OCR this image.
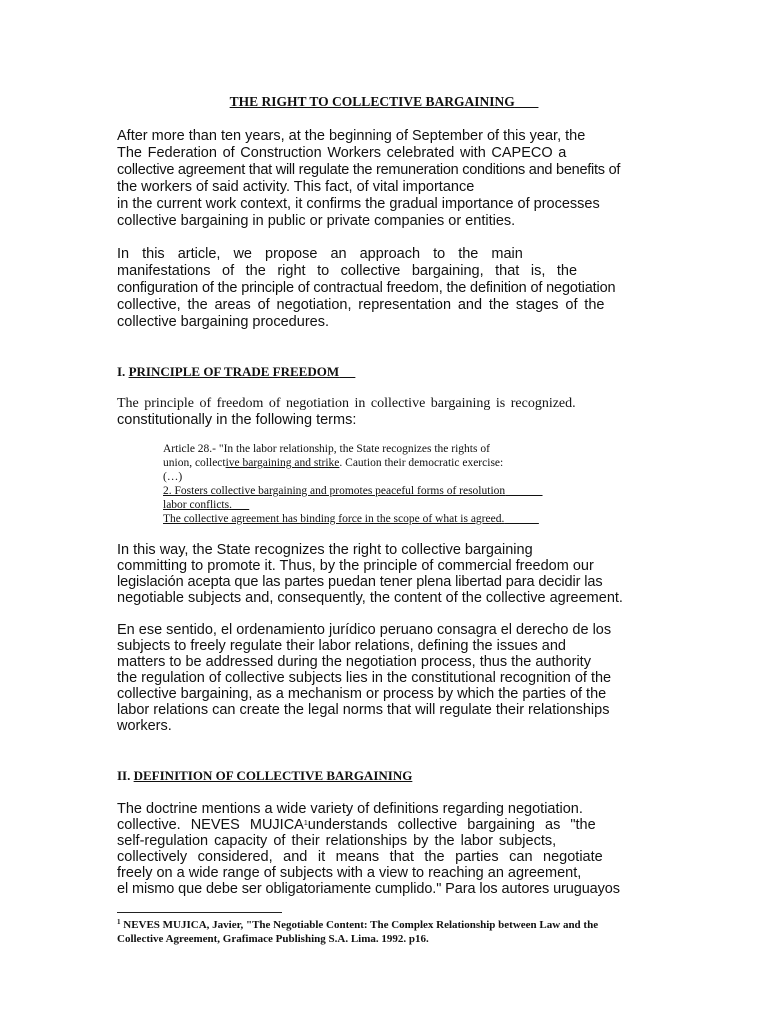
THE RIGHT TO COLLECTIVE BARGAINING
After more than ten years, at the beginning of September of this year, the
The Federation of Construction Workers celebrated with CAPECO a
collective agreement that will regulate the remuneration conditions and benefits of
the workers of said activity. This fact, of vital importance
in the current work context, it confirms the gradual importance of processes
collective bargaining in public or private companies or entities.
In this article, we propose an approach to the main
manifestations of the right to collective bargaining, that is, the
configuration of the principle of contractual freedom, the definition of negotiation
collective, the areas of negotiation, representation and the stages of the
collective bargaining procedures.
I. PRINCIPLE OF TRADE FREEDOM
The principle of freedom of negotiation in collective bargaining is recognized.
constitutionally in the following terms:
Article 28.- "In the labor relationship, the State recognizes the rights of
union, collective bargaining and strike. Caution their democratic exercise:
(…)
2. Fosters collective bargaining and promotes peaceful forms of resolution
labor conflicts.
The collective agreement has binding force in the scope of what is agreed.
In this way, the State recognizes the right to collective bargaining
committing to promote it. Thus, by the principle of commercial freedom our
legislación acepta que las partes puedan tener plena libertad para decidir las
negotiable subjects and, consequently, the content of the collective agreement.
En ese sentido, el ordenamiento jurídico peruano consagra el derecho de los
subjects to freely regulate their labor relations, defining the issues and
matters to be addressed during the negotiation process, thus the authority
the regulation of collective subjects lies in the constitutional recognition of the
collective bargaining, as a mechanism or process by which the parties of the
labor relations can create the legal norms that will regulate their relationships
workers.
II. DEFINITION OF COLLECTIVE BARGAINING
The doctrine mentions a wide variety of definitions regarding negotiation.
collective. NEVES MUJICA$^1$understands collective bargaining as "the
self-regulation capacity of their relationships by the labor subjects,
collectively considered, and it means that the parties can negotiate
freely on a wide range of subjects with a view to reaching an agreement,
el mismo que debe ser obligatoriamente cumplido." Para los autores uruguayos
$^1$ NEVES MUJICA, Javier, "The Negotiable Content: The Complex Relationship between Law and the
Collective Agreement, Grafimace Publishing S.A. Lima. 1992. p16.
